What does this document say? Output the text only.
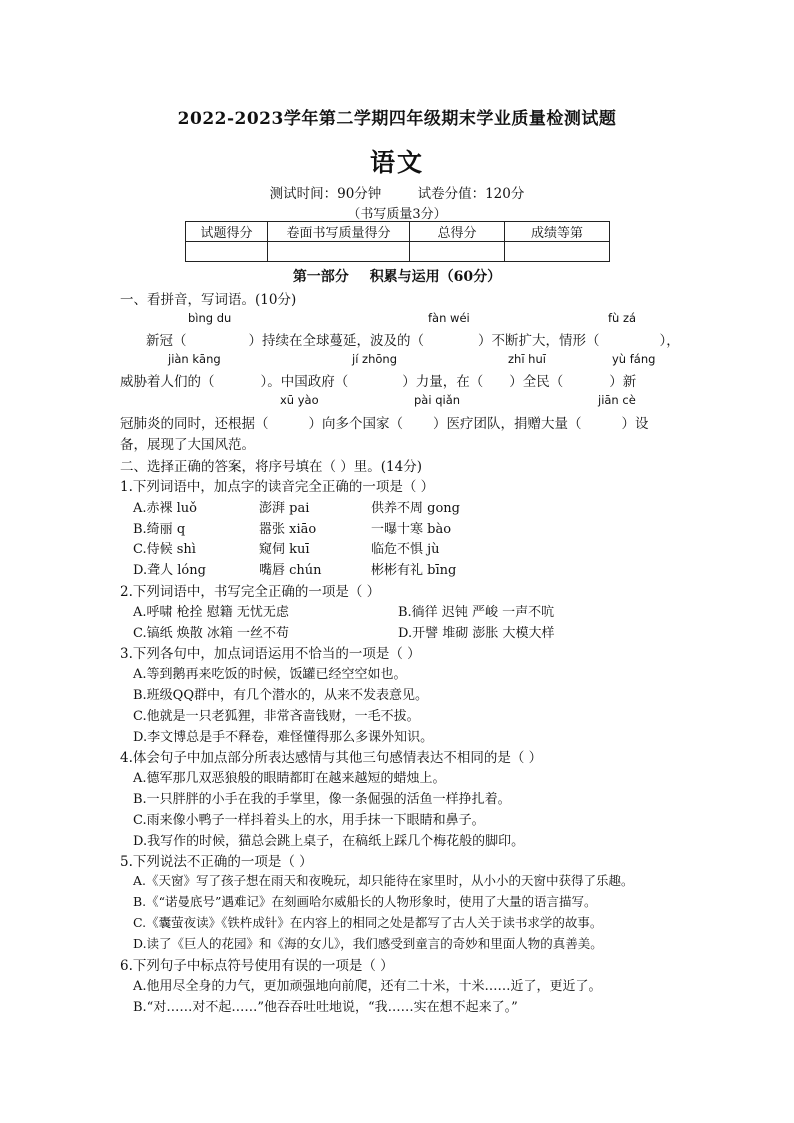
2022-2023学年第二学期四年级期末学业质量检测试题
语文
测试时间：90分钟	试卷分值：120分
（书写质量3分）
试题得分	卷面书写质量得分	总得分	成绩等第

第一部分 积累与运用（60分）
一、看拼音，写词语。(10分)
bìng du	fàn wéi	fù zá
新冠（	）持续在全球蔓延，波及的（	）不断扩大，情形（	），
jiàn kāng	jí zhōng	zhī huī	yù fáng
威胁着人们的（	）。中国政府（	）力量，在（ ）全民（	）新
xū yào	pài qiǎn	jiān cè
冠肺炎的同时，还根据（	）向多个国家（ ）医疗团队，捐赠大量（	）设
备，展现了大国风范。
二、选择正确的答案，将序号填在（ ）里。(14分)
1.下列词语中，加点字的读音完全正确的一项是（ ）
A.赤裸 luǒ	澎湃 pai	供养不周 gong
B.绮丽 q	嚣张 xiāo	一曝十寒 bào
C.侍候 shì	窥伺 kuī	临危不惧 jù
D.聋人 lóng	嘴唇 chún	彬彬有礼 bīng
2.下列词语中，书写完全正确的一项是（ ）
A.呼啸 枪拴 慰籍 无忧无虑	B.徜徉 迟钝 严峻 一声不吭
C.镐纸 焕散 冰箱 一丝不苟	D.开譬 堆砌 澎胀 大模大样
3.下列各句中，加点词语运用不恰当的一项是（ ）
A.等到鹅再来吃饭的时候，饭罐已经空空如也。
B.班级QQ群中，有几个潜水的，从来不发表意见。
C.他就是一只老狐狸，非常吝啬钱财，一毛不拔。
D.李文博总是手不释卷，难怪懂得那么多课外知识。
4.体会句子中加点部分所表达感情与其他三句感情表达不相同的是（ ）
A.德军那几双恶狼般的眼睛都盯在越来越短的蜡烛上。
B.一只胖胖的小手在我的手掌里，像一条倔强的活鱼一样挣扎着。
C.雨来像小鸭子一样抖着头上的水，用手抹一下眼睛和鼻子。
D.我写作的时候，猫总会跳上桌子，在稿纸上踩几个梅花般的脚印。
5.下列说法不正确的一项是（ ）
A.《天窗》写了孩子想在雨天和夜晚玩，却只能待在家里时，从小小的天窗中获得了乐趣。
B.《“诺曼底号”遇难记》在刻画哈尔威船长的人物形象时，使用了大量的语言描写。
C.《囊萤夜读》《铁杵成针》在内容上的相同之处是都写了古人关于读书求学的故事。
D.读了《巨人的花园》和《海的女儿》，我们感受到童言的奇妙和里面人物的真善美。
6.下列句子中标点符号使用有误的一项是（ ）
A.他用尽全身的力气，更加顽强地向前爬，还有二十米，十米……近了，更近了。
B.“对……对不起……”他吞吞吐吐地说，“我……实在想不起来了。”
